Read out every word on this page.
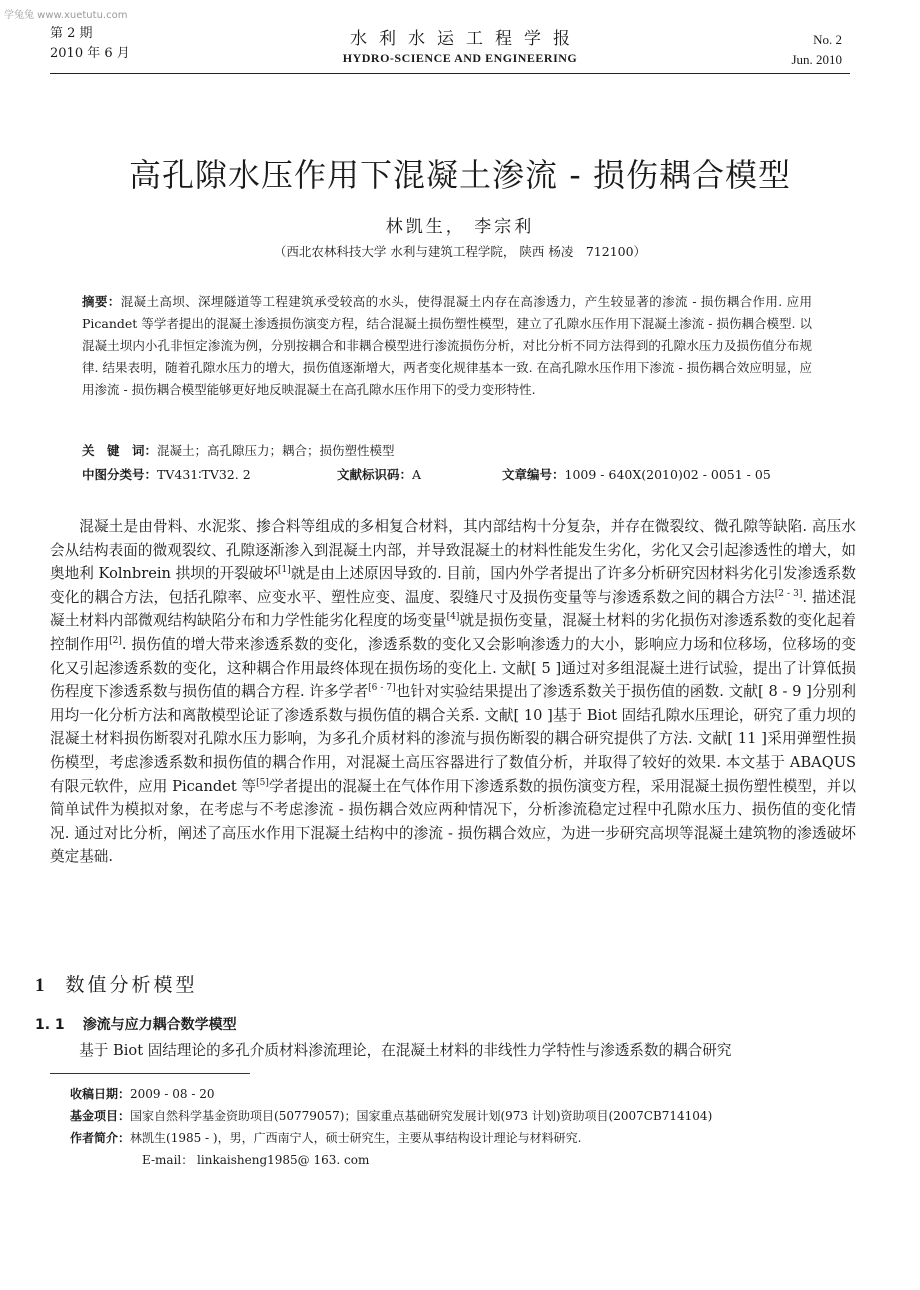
学兔兔 www.xuetutu.com
第 2 期
2010 年 6 月
水利水运工程学报
HYDRO-SCIENCE AND ENGINEERING
No. 2
Jun. 2010
高孔隙水压作用下混凝土渗流 - 损伤耦合模型
林凯生， 李宗利
（西北农林科技大学 水利与建筑工程学院， 陕西 杨凌　712100）
摘要：混凝土高坝、深埋隧道等工程建筑承受较高的水头，使得混凝土内存在高渗透力，产生较显著的渗流 - 损伤耦合作用. 应用 Picandet 等学者提出的混凝土渗透损伤演变方程，结合混凝土损伤塑性模型，建立了孔隙水压作用下混凝土渗流 - 损伤耦合模型. 以混凝土坝内小孔非恒定渗流为例，分别按耦合和非耦合模型进行渗流损伤分析，对比分析不同方法得到的孔隙水压力及损伤值分布规律. 结果表明，随着孔隙水压力的增大，损伤值逐渐增大，两者变化规律基本一致. 在高孔隙水压作用下渗流 - 损伤耦合效应明显，应用渗流 - 损伤耦合模型能够更好地反映混凝土在高孔隙水压作用下的受力变形特性.
关　键　词：混凝土；高孔隙压力；耦合；损伤塑性模型
中图分类号：TV431∶TV32. 2	文献标识码：A	文章编号：1009 - 640X(2010)02 - 0051 - 05

混凝土是由骨料、水泥浆、掺合料等组成的多相复合材料，其内部结构十分复杂，并存在微裂纹、微孔隙等缺陷. 高压水会从结构表面的微观裂纹、孔隙逐渐渗入到混凝土内部，并导致混凝土的材料性能发生劣化，劣化又会引起渗透性的增大，如奥地利 Kolnbrein 拱坝的开裂破坏[1]就是由上述原因导致的. 目前，国内外学者提出了许多分析研究因材料劣化引发渗透系数变化的耦合方法，包括孔隙率、应变水平、塑性应变、温度、裂缝尺寸及损伤变量等与渗透系数之间的耦合方法[2 - 3]. 描述混凝土材料内部微观结构缺陷分布和力学性能劣化程度的场变量[4]就是损伤变量，混凝土材料的劣化损伤对渗透系数的变化起着控制作用[2]. 损伤值的增大带来渗透系数的变化，渗透系数的变化又会影响渗透力的大小，影响应力场和位移场，位移场的变化又引起渗透系数的变化，这种耦合作用最终体现在损伤场的变化上. 文献[ 5 ]通过对多组混凝土进行试验，提出了计算低损伤程度下渗透系数与损伤值的耦合方程. 许多学者[6 - 7]也针对实验结果提出了渗透系数关于损伤值的函数. 文献[ 8 - 9 ]分别利用均一化分析方法和离散模型论证了渗透系数与损伤值的耦合关系. 文献[ 10 ]基于 Biot 固结孔隙水压理论，研究了重力坝的混凝土材料损伤断裂对孔隙水压力影响，为多孔介质材料的渗流与损伤断裂的耦合研究提供了方法. 文献[ 11 ]采用弹塑性损伤模型，考虑渗透系数和损伤值的耦合作用，对混凝土高压容器进行了数值分析，并取得了较好的效果. 本文基于 ABAQUS 有限元软件，应用 Picandet 等[5]学者提出的混凝土在气体作用下渗透系数的损伤演变方程，采用混凝土损伤塑性模型，并以简单试件为模拟对象，在考虑与不考虑渗流 - 损伤耦合效应两种情况下，分析渗流稳定过程中孔隙水压力、损伤值的变化情况. 通过对比分析，阐述了高压水作用下混凝土结构中的渗流 - 损伤耦合效应，为进一步研究高坝等混凝土建筑物的渗透破坏奠定基础.

1 数值分析模型
1. 1 渗流与应力耦合数学模型
基于 Biot 固结理论的多孔介质材料渗流理论，在混凝土材料的非线性力学特性与渗透系数的耦合研究
收稿日期：2009 - 08 - 20
基金项目：国家自然科学基金资助项目(50779057)；国家重点基础研究发展计划(973 计划)资助项目(2007CB714104)
作者简介：林凯生(1985 - )，男，广西南宁人，硕士研究生，主要从事结构设计理论与材料研究.
E-mail： linkaisheng1985@ 163. com
